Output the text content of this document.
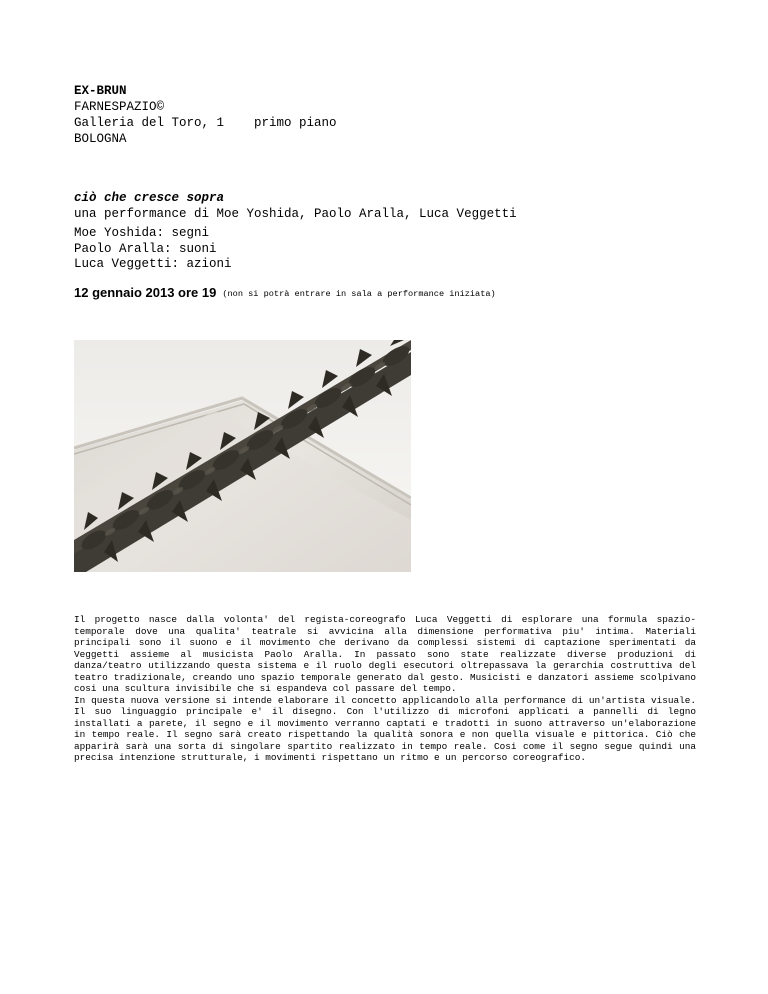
EX-BRUN
FARNESPAZIO©
Galleria del Toro, 1 primo piano
BOLOGNA
ciò che cresce sopra
una performance di Moe Yoshida, Paolo Aralla, Luca Veggetti
Moe Yoshida: segni
Paolo Aralla: suoni
Luca Veggetti: azioni
12 gennaio 2013 ore 19 (non si potrà entrare in sala a performance iniziata)

Il progetto nasce dalla volonta' del regista-coreografo Luca Veggetti di esplorare una formula spazio-temporale dove una qualita' teatrale si avvicina alla dimensione performativa piu' intima. Materiali principali sono il suono e il movimento che derivano da complessi sistemi di captazione sperimentati da Veggetti assieme al musicista Paolo Aralla. In passato sono state realizzate diverse produzioni di danza/teatro utilizzando questa sistema e il ruolo degli esecutori oltrepassava la gerarchia costruttiva del teatro tradizionale, creando uno spazio temporale generato dal gesto. Musicisti e danzatori assieme scolpivano cosi una scultura invisibile che si espandeva col passare del tempo.

In questa nuova versione si intende elaborare il concetto applicandolo alla performance di un'artista visuale. Il suo linguaggio principale e' il disegno. Con l'utilizzo di microfoni applicati a pannelli di legno installati a parete, il segno e il movimento verranno captati e tradotti in suono attraverso un'elaborazione in tempo reale. Il segno sarà creato rispettando la qualità sonora e non quella visuale e pittorica. Ciò che apparirà sarà una sorta di singolare spartito realizzato in tempo reale. Cosi come il segno segue quindi una precisa intenzione strutturale, i movimenti rispettano un ritmo e un percorso coreografico.
